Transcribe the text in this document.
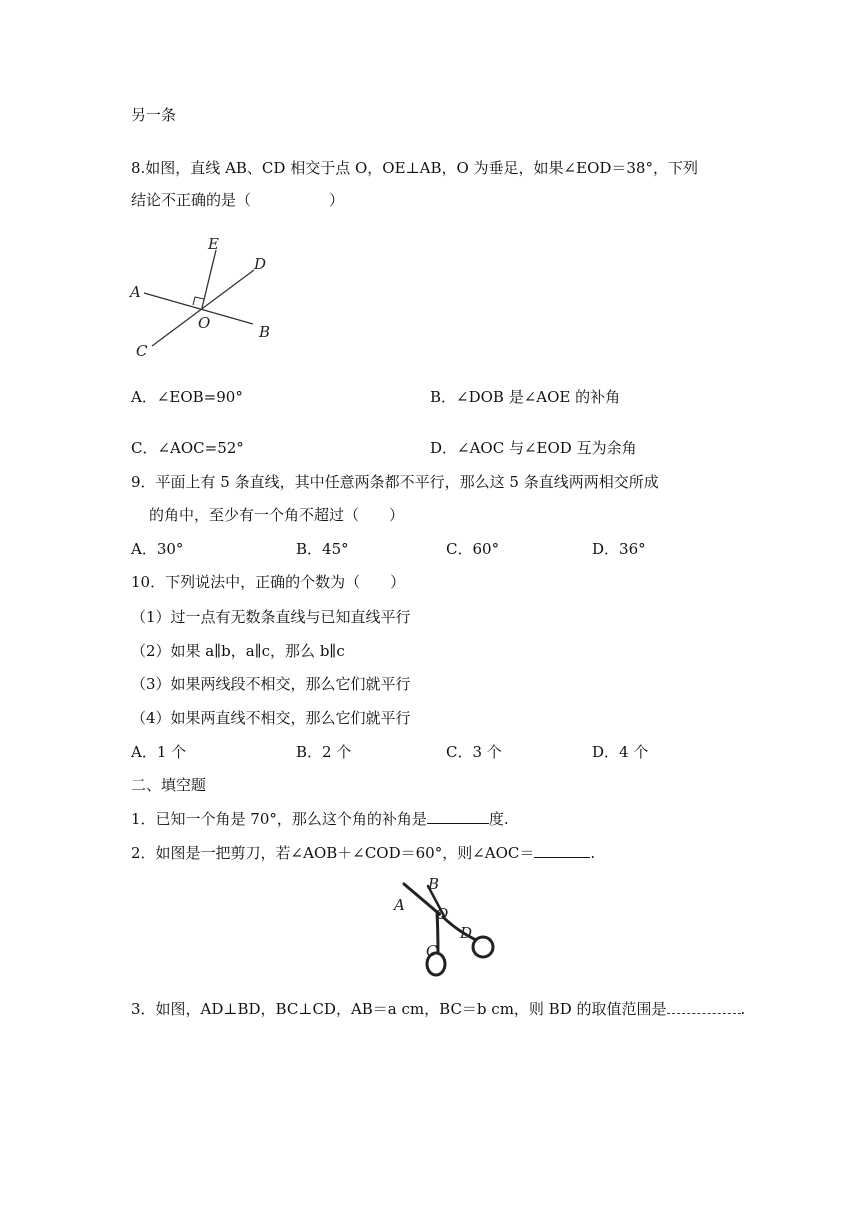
另一条
8.如图，直线 AB、CD 相交于点 O，OE⊥AB，O 为垂足，如果∠EOD＝38°，下列
结论不正确的是（	）
E
D
A
O	B
C
A．∠EOB=90°	B．∠DOB 是∠AOE 的补角
C．∠AOC=52°	D．∠AOC 与∠EOD 互为余角
9．平面上有 5 条直线，其中任意两条都不平行，那么这 5 条直线两两相交所成
的角中，至少有一个角不超过（　　）
A．30°	B．45°	C．60°	D．36°
10．下列说法中，正确的个数为（　　）
（1）过一点有无数条直线与已知直线平行
（2）如果 a∥b，a∥c，那么 b∥c
（3）如果两线段不相交，那么它们就平行
（4）如果两直线不相交，那么它们就平行
A．1 个	B．2 个	C．3 个	D．4 个
二、填空题
1．已知一个角是 70°，那么这个角的补角是	度.
2．如图是一把剪刀，若∠AOB＋∠COD＝60°，则∠AOC＝	.
A
B
O
C
D
3．如图，AD⊥BD，BC⊥CD，AB＝a cm，BC＝b cm，则 BD 的取值范围是	.
